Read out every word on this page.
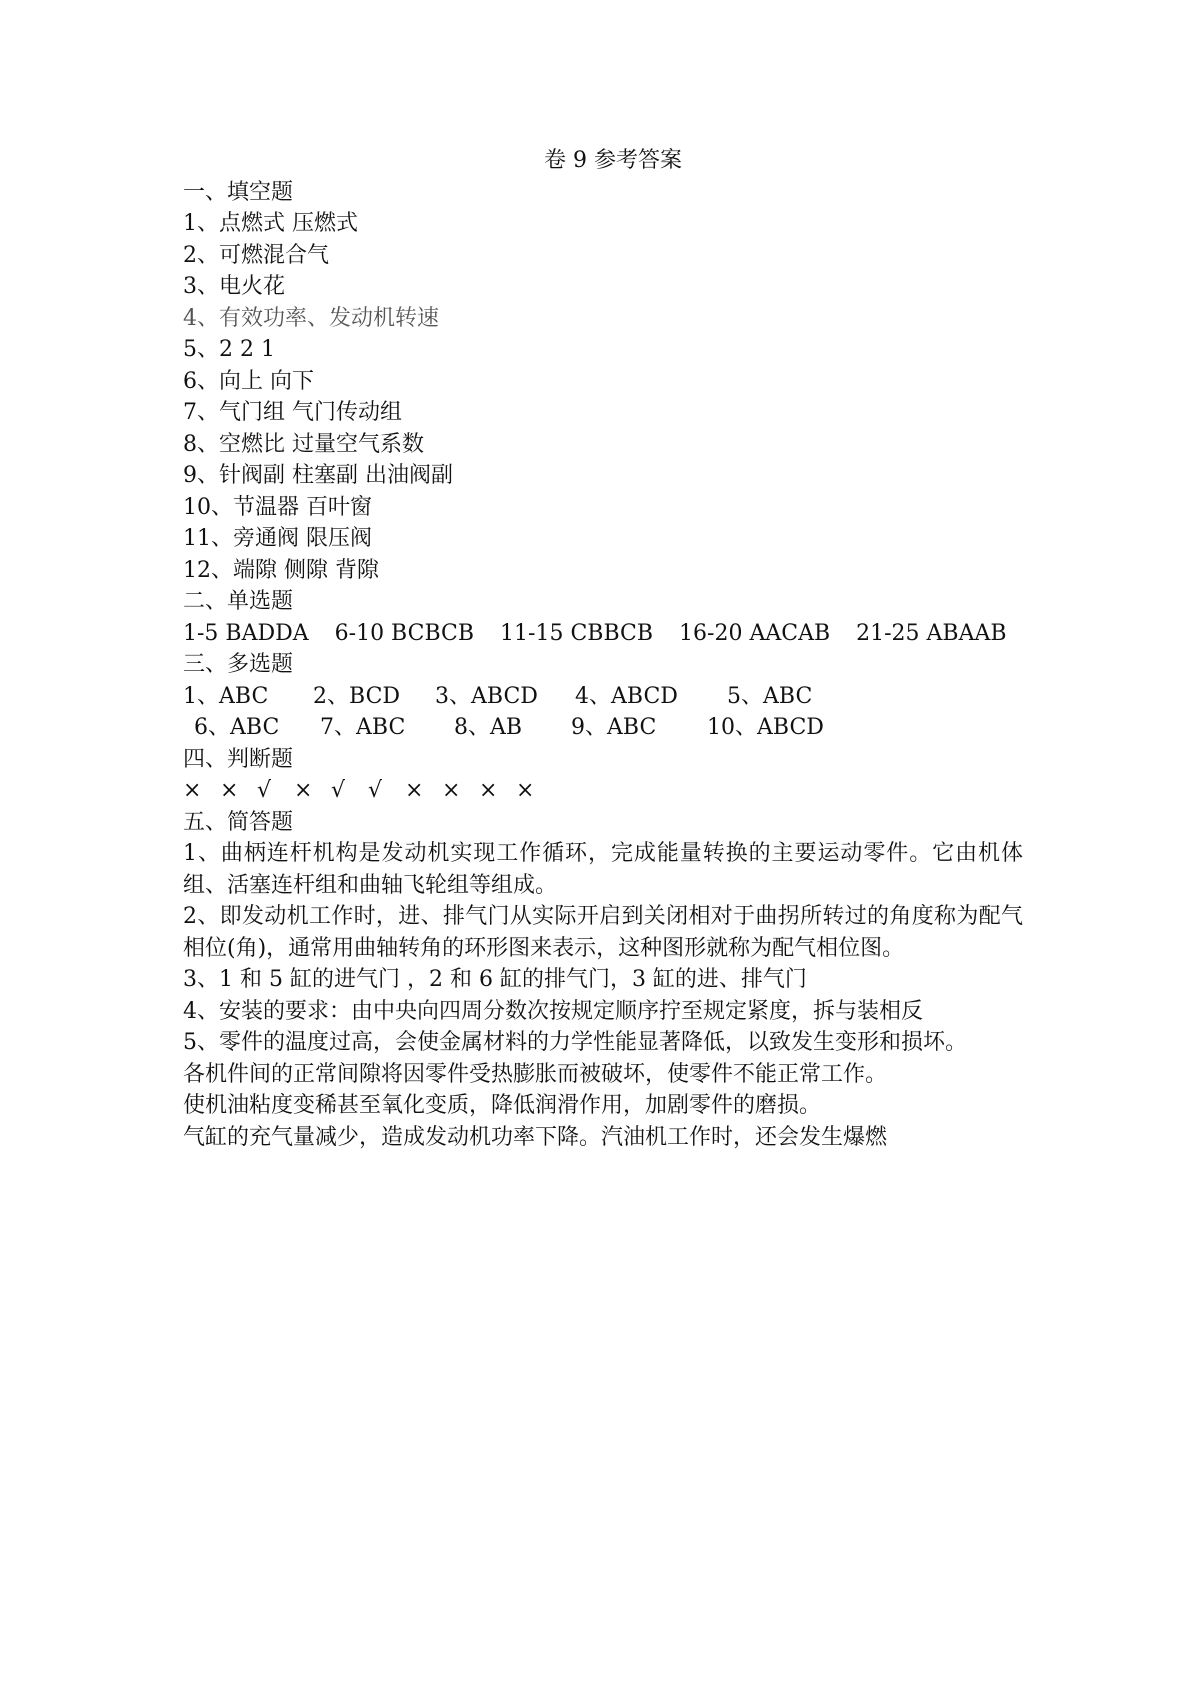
卷 9 参考答案
一、填空题

1、点燃式 压燃式

2、可燃混合气

3、电火花

4、有效功率、发动机转速

5、2 2 1

6、向上 向下

7、气门组 气门传动组

8、空燃比 过量空气系数

9、针阀副 柱塞副 出油阀副

10、节温器 百叶窗

11、旁通阀 限压阀

12、端隙 侧隙 背隙

二、单选题
1-5 BADDA 6-10 BCBCB 11-15 CBBCB 16-20 AACAB 21-25 ABAAB
三、多选题
1、ABC	2、BCD	3、ABCD	4、ABCD	5、ABC
6、ABC	7、ABC	8、AB	9、ABC	10、ABCD
四、判断题
× × √	× √	√	× × × ×
五、简答题

1、曲柄连杆机构是发动机实现工作循环，完成能量转换的主要运动零件。它由机体组、活塞连杆组和曲轴飞轮组等组成。

2、即发动机工作时，进、排气门从实际开启到关闭相对于曲拐所转过的角度称为配气相位(角)，通常用曲轴转角的环形图来表示，这种图形就称为配气相位图。

3、1 和 5 缸的进气门 ，2 和 6 缸的排气门，3 缸的进、排气门

4、安装的要求：由中央向四周分数次按规定顺序拧至规定紧度，拆与装相反

5、零件的温度过高，会使金属材料的力学性能显著降低，以致发生变形和损坏。

各机件间的正常间隙将因零件受热膨胀而被破坏，使零件不能正常工作。

使机油粘度变稀甚至氧化变质，降低润滑作用，加剧零件的磨损。

气缸的充气量减少，造成发动机功率下降。汽油机工作时，还会发生爆燃
